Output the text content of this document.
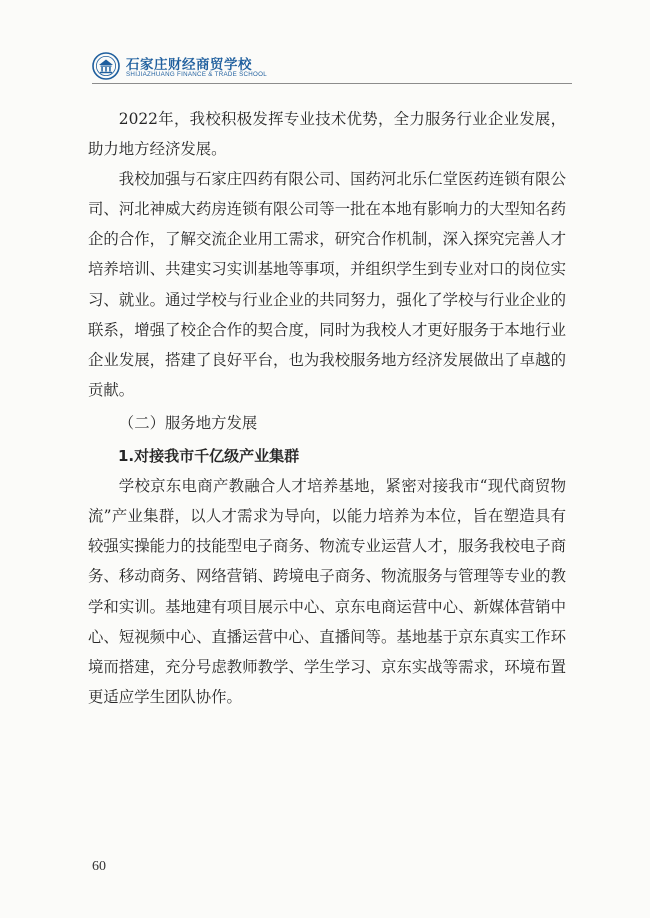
石家庄财经商贸学校
SHIJIAZHUANG FINANCE & TRADE SCHOOL

2022年，我校积极发挥专业技术优势，全力服务行业企业发展，助力地方经济发展。

我校加强与石家庄四药有限公司、国药河北乐仁堂医药连锁有限公司、河北神威大药房连锁有限公司等一批在本地有影响力的大型知名药企的合作，了解交流企业用工需求，研究合作机制，深入探究完善人才培养培训、共建实习实训基地等事项，并组织学生到专业对口的岗位实习、就业。通过学校与行业企业的共同努力，强化了学校与行业企业的联系，增强了校企合作的契合度，同时为我校人才更好服务于本地行业企业发展，搭建了良好平台，也为我校服务地方经济发展做出了卓越的贡献。

（二）服务地方发展

1.对接我市千亿级产业集群

学校京东电商产教融合人才培养基地，紧密对接我市“现代商贸物流”产业集群，以人才需求为导向，以能力培养为本位，旨在塑造具有较强实操能力的技能型电子商务、物流专业运营人才，服务我校电子商务、移动商务、网络营销、跨境电子商务、物流服务与管理等专业的教学和实训。基地建有项目展示中心、京东电商运营中心、新媒体营销中心、短视频中心、直播运营中心、直播间等。基地基于京东真实工作环境而搭建，充分号虑教师教学、学生学习、京东实战等需求，环境布置更适应学生团队协作。

60
